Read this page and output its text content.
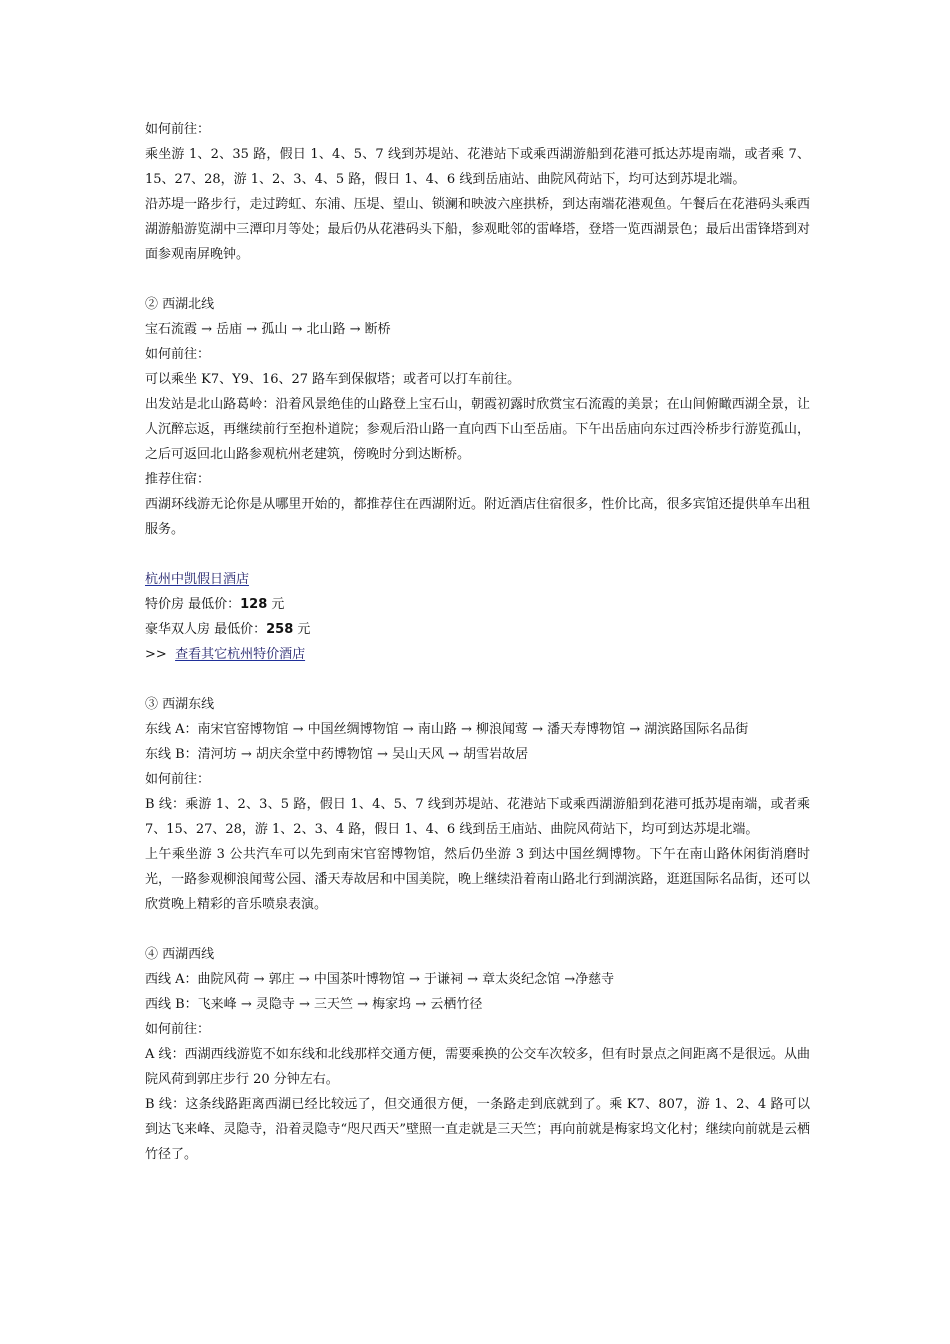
如何前往：

乘坐游 1、2、35 路，假日 1、4、5、7 线到苏堤站、花港站下或乘西湖游船到花港可抵达苏堤南端，或者乘 7、15、27、28，游 1、2、3、4、5 路，假日 1、4、6 线到岳庙站、曲院风荷站下，均可达到苏堤北端。

沿苏堤一路步行，走过跨虹、东浦、压堤、望山、锁澜和映波六座拱桥，到达南端花港观鱼。午餐后在花港码头乘西湖游船游览湖中三潭印月等处；最后仍从花港码头下船，参观毗邻的雷峰塔，登塔一览西湖景色；最后出雷锋塔到对面参观南屏晚钟。

② 西湖北线

宝石流霞 → 岳庙 → 孤山 → 北山路 → 断桥

如何前往：

可以乘坐 K7、Y9、16、27 路车到保俶塔；或者可以打车前往。

出发站是北山路葛岭：沿着风景绝佳的山路登上宝石山，朝霞初露时欣赏宝石流霞的美景；在山间俯瞰西湖全景，让人沉醉忘返，再继续前行至抱朴道院；参观后沿山路一直向西下山至岳庙。下午出岳庙向东过西泠桥步行游览孤山，之后可返回北山路参观杭州老建筑，傍晚时分到达断桥。

推荐住宿：

西湖环线游无论你是从哪里开始的，都推荐住在西湖附近。附近酒店住宿很多，性价比高，很多宾馆还提供单车出租服务。

杭州中凯假日酒店

特价房 最低价：128 元

豪华双人房 最低价：258 元

>>  查看其它杭州特价酒店

③ 西湖东线

东线 A：南宋官窑博物馆 → 中国丝绸博物馆 → 南山路 → 柳浪闻莺 → 潘天寿博物馆 → 湖滨路国际名品街

东线 B：清河坊 → 胡庆余堂中药博物馆 → 吴山天风 → 胡雪岩故居

如何前往：

B 线：乘游 1、2、3、5 路，假日 1、4、5、7 线到苏堤站、花港站下或乘西湖游船到花港可抵苏堤南端，或者乘 7、15、27、28，游 1、2、3、4 路，假日 1、4、6 线到岳王庙站、曲院风荷站下，均可到达苏堤北端。

上午乘坐游 3 公共汽车可以先到南宋官窑博物馆，然后仍坐游 3 到达中国丝绸博物。下午在南山路休闲街消磨时光，一路参观柳浪闻莺公园、潘天寿故居和中国美院，晚上继续沿着南山路北行到湖滨路，逛逛国际名品街，还可以欣赏晚上精彩的音乐喷泉表演。

④ 西湖西线

西线 A：曲院风荷 → 郭庄 → 中国茶叶博物馆 → 于谦祠 → 章太炎纪念馆 →净慈寺

西线 B：飞来峰 → 灵隐寺 → 三天竺 → 梅家坞 → 云栖竹径

如何前往：

A 线：西湖西线游览不如东线和北线那样交通方便，需要乘换的公交车次较多，但有时景点之间距离不是很远。从曲院风荷到郭庄步行 20 分钟左右。

B 线：这条线路距离西湖已经比较远了，但交通很方便，一条路走到底就到了。乘 K7、807，游 1、2、4 路可以到达飞来峰、灵隐寺，沿着灵隐寺“咫尺西天”壁照一直走就是三天竺；再向前就是梅家坞文化村；继续向前就是云栖竹径了。
